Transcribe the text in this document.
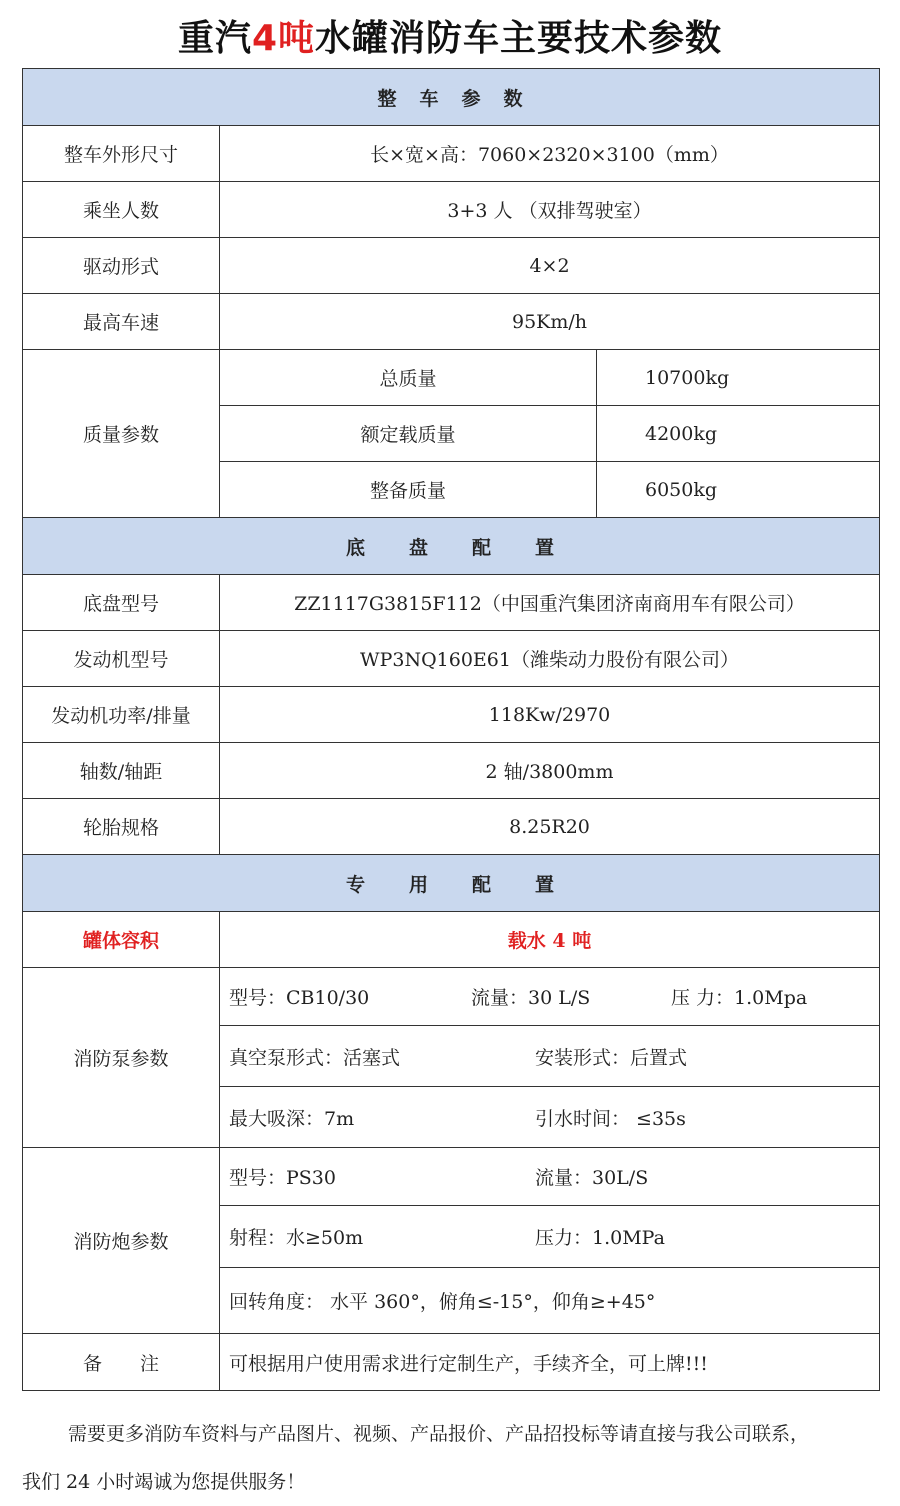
重汽4吨水罐消防车主要技术参数
整　车　参　数		
整车外形尺寸	长×宽×高：7060×2320×3100（mm）	
乘坐人数	3+3 人 （双排驾驶室）	
驱动形式	4×2	
最高车速	95Km/h	
质量参数	总质量	10700kg
	额定载质量	4200kg
	整备质量	6050kg
底　　盘　　配　　置		
底盘型号	ZZ1117G3815F112（中国重汽集团济南商用车有限公司）	
发动机型号	WP3NQ160E61（潍柴动力股份有限公司）	
发动机功率/排量	118Kw/2970	
轴数/轴距	2 轴/3800mm	
轮胎规格	8.25R20	
专　　用　　配　　置		
罐体容积	载水 4 吨	
消防泵参数	型号：CB10/30 流量：30 L/S 压 力：1.0Mpa	
	真空泵形式：活塞式 安装形式：后置式	
	最大吸深：7m 引水时间： ≤35s	
消防炮参数	型号：PS30 流量：30L/S	
	射程：水≥50m 压力：1.0MPa	
	回转角度： 水平 360°，俯角≤-15°，仰角≥+45°	
备　　注	可根据用户使用需求进行定制生产，手续齐全，可上牌!!!	

需要更多消防车资料与产品图片、视频、产品报价、产品招投标等请直接与我公司联系，

我们 24 小时竭诚为您提供服务！
